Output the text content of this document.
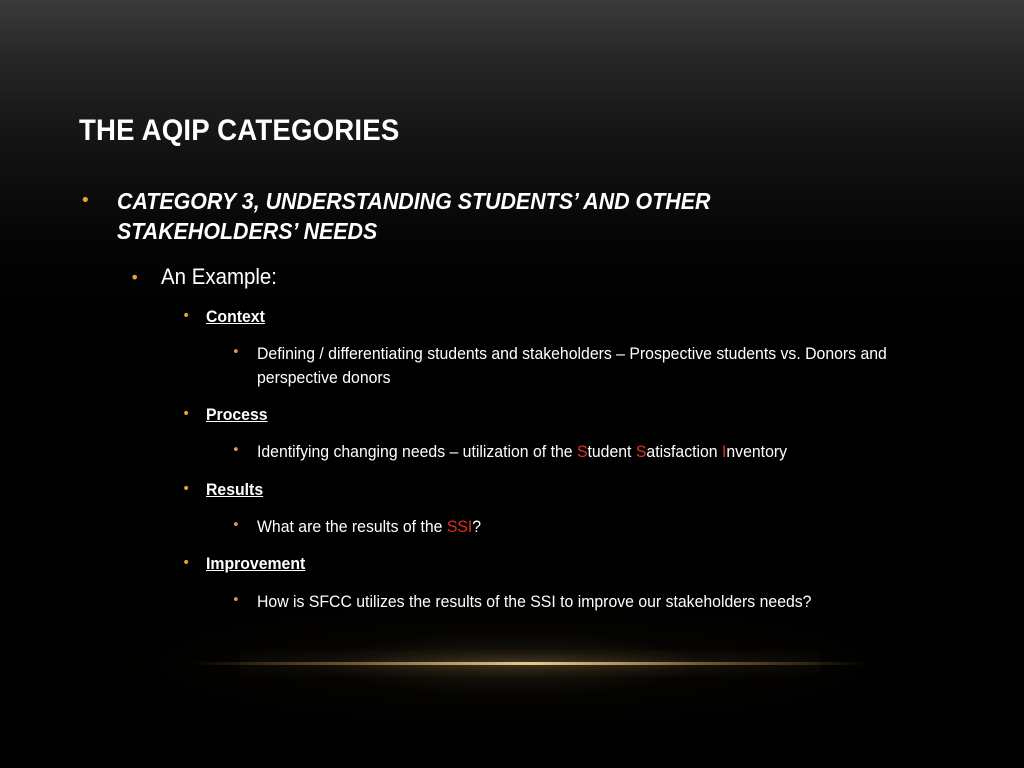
THE AQIP CATEGORIES
• CATEGORY 3, UNDERSTANDING STUDENTS’ AND OTHER STAKEHOLDERS’ NEEDS
• An Example:
• Context
• Defining / differentiating students and stakeholders – Prospective students vs. Donors and perspective donors
• Process
• Identifying changing needs – utilization of the Student Satisfaction Inventory
• Results
• What are the results of the SSI?
• Improvement
• How is SFCC utilizes the results of the SSI to improve our stakeholders needs?
